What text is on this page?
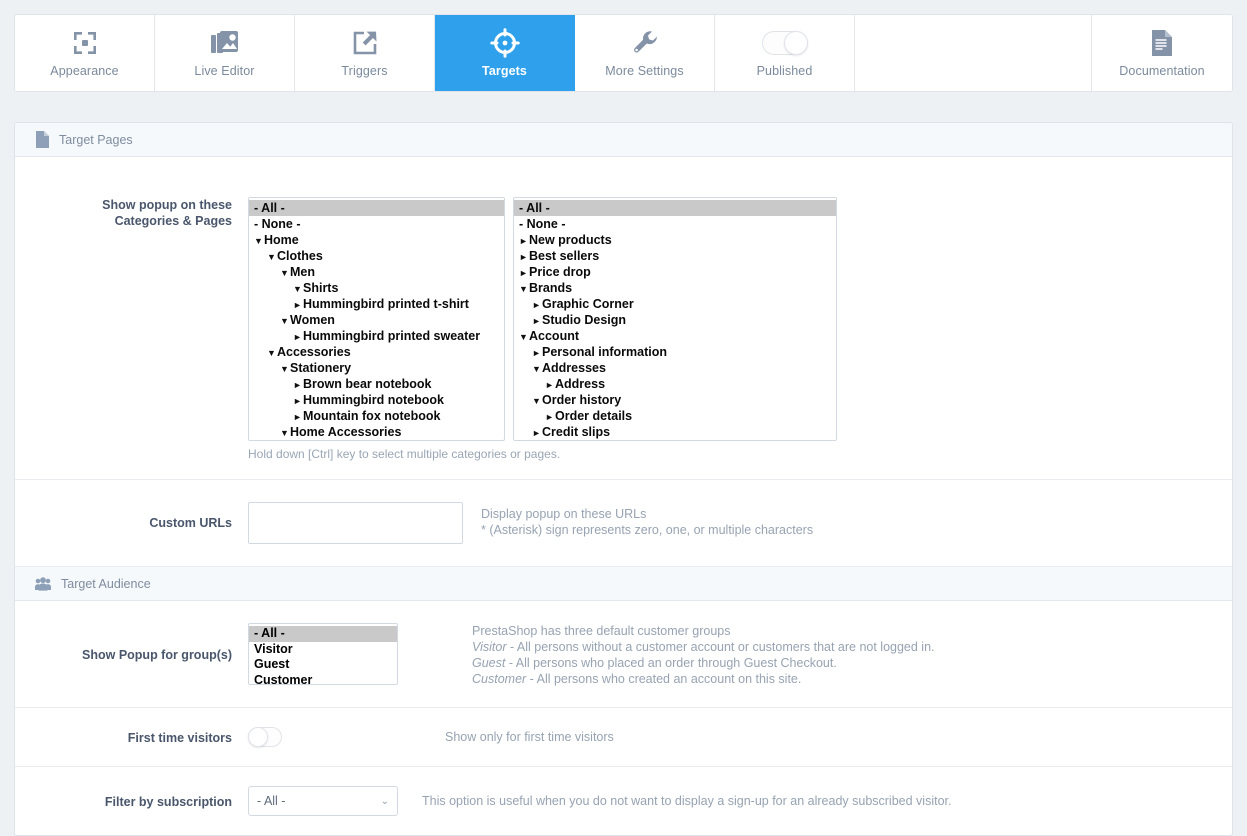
Appearance	Live Editor	Triggers	Targets	More Settings	Published	Documentation
Target Pages
Show popup on these
Categories & Pages
- All -
- None -
▼Home
▼Clothes
▼Men
▼Shirts
►Hummingbird printed t-shirt
▼Women
►Hummingbird printed sweater
▼Accessories
▼Stationery
►Brown bear notebook
►Hummingbird notebook
►Mountain fox notebook
▼Home Accessories
- All -
- None -
►New products
►Best sellers
►Price drop
▼Brands
►Graphic Corner
►Studio Design
▼Account
►Personal information
▼Addresses
►Address
▼Order history
►Order details
►Credit slips
Hold down [Ctrl] key to select multiple categories or pages.
Custom URLs
Display popup on these URLs
* (Asterisk) sign represents zero, one, or multiple characters
Target Audience
Show Popup for group(s)
- All -
Visitor
Guest
Customer
PrestaShop has three default customer groups
Visitor - All persons without a customer account or customers that are not logged in.
Guest - All persons who placed an order through Guest Checkout.
Customer - All persons who created an account on this site.
First time visitors	Show only for first time visitors
Filter by subscription	- All -	⌄	This option is useful when you do not want to display a sign-up for an already subscribed visitor.
